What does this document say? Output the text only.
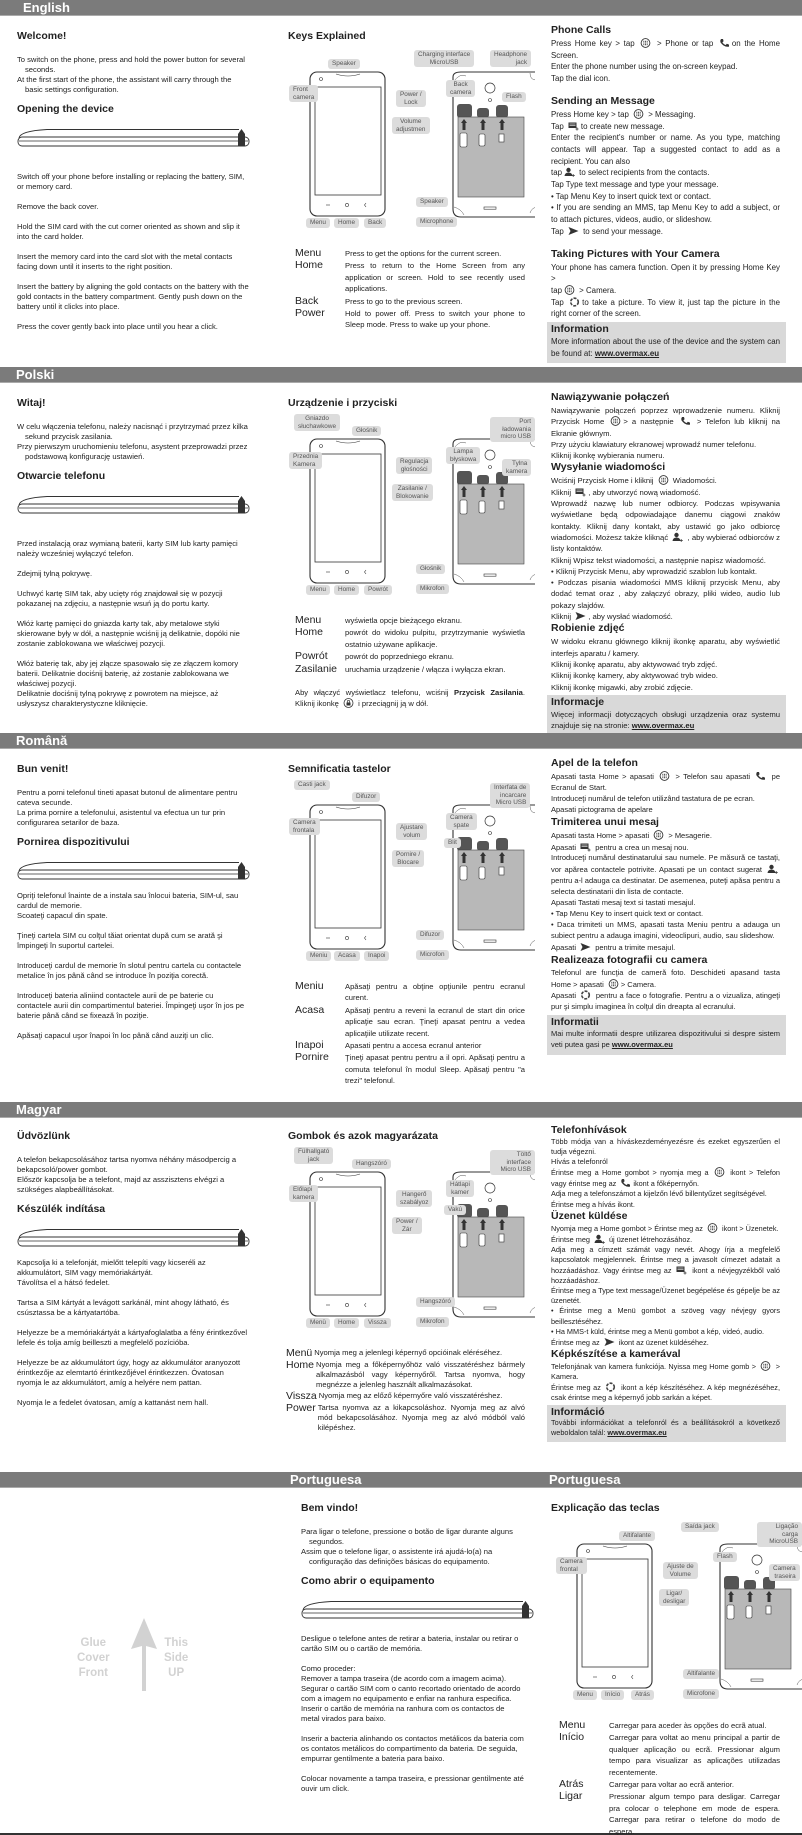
English
Welcome!
To switch on the phone, press and hold the power button for several seconds.
At the first start of the phone, the assistant will carry through the basic settings configuration.
Opening the device
Switch off your phone before installing or replacing the battery, SIM, or memory card.
Remove the back cover.
Hold the SIM card with the cut corner oriented as shown and slip it into the card holder.
Insert the memory card into the card slot with the metal contacts facing down until it inserts to the right position.
Insert the battery by aligning the gold contacts on the battery with the gold contacts in the battery compartment. Gently push down on the battery until it clicks into place.
Press the cover gently back into place until you hear a click.
Keys Explained
Speaker
Front
camera	Power /
Lock
Volume
adjustmen
Charging interface
MicroUSB
Headphone
jack
Back
camera
Flash
Speaker
Microphone
Menu	Home	Back
Menu	Press to get the options for the current screen.
Home	Press to return to the Home Screen from any application or screen. Hold to see recently used applications.
Back	Press to go to the previous screen.
Power	Hold to power off. Press to switch your phone to Sleep mode. Press to wake up your phone.
Phone Calls
Press Home key > tap
> Phone or tap
on the Home Screen.
Enter the phone number using the on-screen keypad.
Tap the dial icon.
Sending an Message
Press Home key > tap
> Messaging.
Tap
to create new message.
Enter the recipient's number or name. As you type, matching contacts will appear. Tap a suggested contact to add as a recipient. You can also
tap
to select recipients from the contacts.
Tap Type text message and type your message.
• Tap Menu Key to insert quick text or contact.
• If you are sending an MMS, tap Menu Key to add a subject, or to attach pictures, videos, audio, or slideshow.
Tap
to send your message.
Taking Pictures with Your Camera
Your phone has camera function. Open it by pressing Home Key >
tap
> Camera.
Tap
to take a picture. To view it, just tap the picture in the right corner of the screen.
Information
More information about the use of the device and the system can be found at: www.overmax.eu
Polski
Witaj!
W celu włączenia telefonu, należy nacisnąć i przytrzymać przez kilka sekund przycisk zasilania.
Przy pierwszym uruchomieniu telefonu, asystent przeprowadzi przez podstawową konfigurację ustawień.
Otwarcie telefonu
Przed instalacją oraz wymianą baterii, karty SIM lub karty pamięci należy wcześniej wyłączyć telefon.
Zdejmij tylną pokrywę.
Uchwyć kartę SIM tak, aby ucięty róg znajdował się w pozycji pokazanej na zdjęciu, a następnie wsuń ją do portu karty.
Włóż kartę pamięci do gniazda karty tak, aby metalowe styki skierowane były w dół, a następnie wciśnij ją delikatnie, dopóki nie zostanie zablokowana we właściwej pozycji.
Włóż baterię tak, aby jej złącze spasowało się ze złączem komory baterii. Delikatnie dociśnij baterię, aż zostanie zablokowana we właściwej pozycji.
Delikatnie dociśnij tylną pokrywę z powrotem na miejsce, aż usłyszysz charakterystyczne kliknięcie.
Urządzenie i przyciski
Gniazdo
słuchawkowe
Głośnik
Przednia
Kamera	Regulacja
głośności
Zasilanie /
Blokowanie
Port ładowania
micro USB
Lampa
błyskowa
Tylna
kamera
Głośnik
Mikrofon
Menu	Home	Powrót
Menu	wyświetla opcje bieżącego ekranu.
Home	powrót do widoku pulpitu, przytrzymanie wyświetla ostatnio używane aplikacje.
Powrót	powrót do poprzedniego ekranu.
Zasilanie	uruchamia urządzenie / włącza i wyłącza ekran.
Aby włączyć wyświetlacz telefonu, wciśnij Przycisk Zasilania. Kliknij ikonkę
i przeciągnij ją w dół.
Nawiązywanie połączeń
Nawiązywanie połączeń poprzez wprowadzenie numeru. Kliknij Przycisk Home
> a następnie
> Telefon lub kliknij na Ekranie głównym.
Przy użyciu klawiatury ekranowej wprowadź numer telefonu.
Kliknij ikonkę wybierania numeru.
Wysyłanie wiadomości
Wciśnij Przycisk Home i kliknij
Wiadomości.
Kliknij
, aby utworzyć nową wiadomość.
Wprowadź nazwę lub numer odbiorcy. Podczas wpisywania wyświetlane będą odpowiadające danemu ciągowi znaków kontakty. Kliknij dany kontakt, aby ustawić go jako odbiorcę wiadomości. Możesz także kliknąć
, aby wybierać odbiorców z listy kontaktów.
Kliknij Wpisz tekst wiadomości, a następnie napisz wiadomość.
• Kliknij Przycisk Menu, aby wprowadzić szablon lub kontakt.
• Podczas pisania wiadomości MMS kliknij przycisk Menu, aby dodać temat oraz , aby załączyć obrazy, pliki wideo, audio lub pokazy slajdów.
Kliknij
, aby wysłać wiadomość.
Robienie zdjęć
W widoku ekranu głównego kliknij ikonkę aparatu, aby wyświetlić interfejs aparatu / kamery.
Kliknij ikonkę aparatu, aby aktywować tryb zdjęć.
Kliknij ikonkę kamery, aby aktywować tryb wideo.
Kliknij ikonkę migawki, aby zrobić zdjęcie.
Informacje
Więcej informacji dotyczących obsługi urządzenia oraz systemu znajduje się na stronie: www.overmax.eu
Română
Bun venit!
Pentru a porni telefonul tineti apasat butonul de alimentare pentru cateva secunde.
La prima pornire a telefonului, asistentul va efectua un tur prin configurarea setarilor de baza.
Pornirea dispozitivului
Opriţi telefonul înainte de a instala sau înlocui bateria, SIM-ul, sau cardul de memorie.
Scoateţi capacul din spate.
Ţineţi cartela SIM cu colţul tăiat orientat după cum se arată şi împingeţi în suportul cartelei.
Introduceţi cardul de memorie în slotul pentru cartela cu contactele metalice în jos până când se introduce în poziţia corectă.
Introduceţi bateria aliniind contactele aurii de pe baterie cu contactele aurii din compartimentul bateriei. Împingeţi uşor în jos pe baterie până când se fixează în poziţie.
Apăsaţi capacul uşor înapoi în loc până când auziţi un clic.
Semnificatia tastelor
Casti jack
Difuzor
Camera
frontala	Ajustare
volum
Pornire /
Blocare
Interfata de
incarcare
Micro USB
Camera
spate
Blit
Difuzor
Microfon
Meniu	Acasa	Inapoi
Meniu	Apăsaţi pentru a obţine opţiunile pentru ecranul curent.
Acasa	Apăsaţi pentru a reveni la ecranul de start din orice aplicaţie sau ecran. Ţineţi apasat pentru a vedea aplicaţiile utilizate recent.
Inapoi	Apasati pentru a accesa ecranul anterior
Pornire	Ţineţi apasat pentru pentru a il opri. Apăsaţi pentru a comuta telefonul în modul Sleep. Apăsaţi pentru "a trezi" telefonul.
Apel de la telefon
Apasati tasta Home > apasati
> Telefon sau apasati
pe Ecranul de Start.
Introduceţi numărul de telefon utilizând tastatura de pe ecran.
Apasati pictograma de apelare
Trimiterea unui mesaj
Apasati tasta Home > apasati
> Mesagerie.
Apasati
pentru a crea un mesaj nou.
Introduceţi numărul destinatarului sau numele. Pe măsură ce tastaţi, vor apărea contactele potrivite. Apasati pe un contact sugerat
pentru a-l adauga ca destinatar. De asemenea, puteţi apăsa pentru a selecta destinatarii din lista de contacte.
Apasati Tastati mesaj text si tastati mesajul.
• Tap Menu Key to insert quick text or contact.
• Daca trimiteti un MMS, apasati tasta Meniu pentru a adauga un subiect pentru a adauga imagini, videoclipuri, audio, sau slideshow.
Apasati
pentru a trimite mesajul.
Realizeaza fotografii cu camera
Telefonul are funcţia de cameră foto. Deschideti apasand tasta Home > apasati
> Camera.
Apasati
pentru a face o fotografie. Pentru a o vizualiza, atingeţi pur şi simplu imaginea în colţul din dreapta al ecranului.
Informatii
Mai multe informatii despre utilizarea dispozitivului si despre sistem veti putea gasi pe www.overmax.eu
Magyar
Üdvözlünk
A telefon bekapcsolásához tartsa nyomva néhány másodpercig a bekapcsoló/power gombot.
Először kapcsolja be a telefont, majd az asszisztens elvégzi a szükséges alapbeállításokat.
Készülék indítása
Kapcsolja ki a telefonját, mielőtt telepíti vagy kicseréli az akkumulátort, SIM vagy memóriakártyát.
Távolítsa el a hátsó fedelet.
Tartsa a SIM kártyát a levágott sarkánál, mint ahogy látható, és csúsztassa be a kártyatartóba.
Helyezze be a memóriakártyát a kártyafoglalatba a fény érintkezővel lefele és tolja amíg beilleszti a megfelelő pozícióba.
Helyezze be az akkumulátort úgy, hogy az akkumulátor aranyozott érintkezője az elemtartó érintkezőjével érintkezzen. Óvatosan nyomja le az akkumulátort, amíg a helyére nem pattan.
Nyomja le a fedelet óvatosan, amíg a kattanást nem hall.
Gombok és azok magyarázata
Fülhallgató
jack
Hangszóró
Előlapi
kamera	Hangerő
szabályoz
Power /
Zár
Töltő interface
Micro USB
Hátlapi
kamer
Vakú
Hangszóró
Mikrofon
Menü	Home	Vissza
Menü Nyomja meg a jelenlegi képernyő opcióinak eléréséhez.
Home Nyomja meg a főképernyőhöz való visszatéréshez bármely alkalmazásból vagy képernyőről. Tartsa nyomva, hogy megnézze a jelenleg használt alkalmazásokat.
Vissza Nyomja meg az előző képernyőre való visszatéréshez.
Power Tartsa nyomva az a kikapcsoláshoz. Nyomja meg az alvó mód bekapcsolásához. Nyomja meg az alvó módból való kilépéshez.
Telefonhívások
Több módja van a híváskezdeményezésre és ezeket egyszerűen el tudja végezni.
Hívás a telefonról
Érintse meg a Home gombot > nyomja meg a
ikont > Telefon vagy érintse meg az
ikont a főképernyőn.
Adja meg a telefonszámot a kijelzőn lévő billentyűzet segítségével.
Érintse meg a hívás ikont.
Üzenet küldése
Nyomja meg a Home gombot > Érintse meg az
ikont > Üzenetek.
Érintse meg
új üzenet létrehozásához.
Adja meg a címzett számát vagy nevét. Ahogy írja a megfelelő kapcsolatok megjelennek. Érintse meg a javasolt címezet adatait a hozzáadáshoz. Vagy érintse meg az
ikont a névjegyzékből való hozzáadáshoz.
Érintse meg a Type text message/Üzenet begépelése és gépelje be az üzenetét.
• Érintse meg a Menü gombot a szöveg vagy névjegy gyors beillesztéséhez.
• Ha MMS-t küld, érintse meg a Menü gombot a kép, videó, audio.
Érintse meg az
ikont az üzenet küldéséhez.
Képkészítése a kamerával
Telefonjának van kamera funkciója. Nyissa meg Home gomb >
> Kamera.
Érintse meg az
ikont a kép készítéséhez. A kép megnézéséhez, csak érintse meg a képernyő jobb sarkán a képet.
Információ
További információkat a telefonról és a beállításokról a következő weboldalon talál: www.overmax.eu
Portuguesa	Portuguesa
Glue
Cover
Front
This
Side
UP
Bem vindo!
Para ligar o telefone, pressione o botão de ligar durante alguns segundos.
Assim que o telefone ligar, o assistente irá ajudá-lo(a) na configuração das definições básicas do equipamento.
Como abrir o equipamento
Desligue o telefone antes de retirar a bateria, instalar ou retirar o cartão SIM ou o cartão de memória.
Como proceder:
Remover a tampa traseira (de acordo com a imagem acima).
Segurar o cartão SIM com o canto recortado orientado de acordo com a imagem no equipamento e enfiar na ranhura especifica.
Inserir o cartão de memória na ranhura com os contactos de metal virados para baixo.
Inserir a bacteria alinhando os contactos metálicos da bateria com os contatos metálicos do compartimento da bateria. De seguida, empurrar gentilmente a bateria para baixo.
Colocar novamente a tampa traseira, e pressionar gentilmente até ouvir um click.
Explicação das teclas
Altifalante
Camera
frontal	Ajuste de
Volume
Ligar/
desligar
Saída jack	Ligação carga
MicroUSB
Flash
Camera
traseira
Altifalante
Microfone
Menu	Início	Atrás
Menu	Carregar para aceder às opções do ecrã atual.
Início	Carregar para voltat ao menu principal a partir de qualquer aplicação ou ecrã. Pressionar algum tempo para visualizar as aplicações utilizadas recentemente.
Atrás	Carregar para voltar ao ecrã anterior.
Ligar	Pressionar algum tempo para desligar. Carregar pra colocar o telephone em mode de espera. Carregar para retirar o telefone do modo de espera.
